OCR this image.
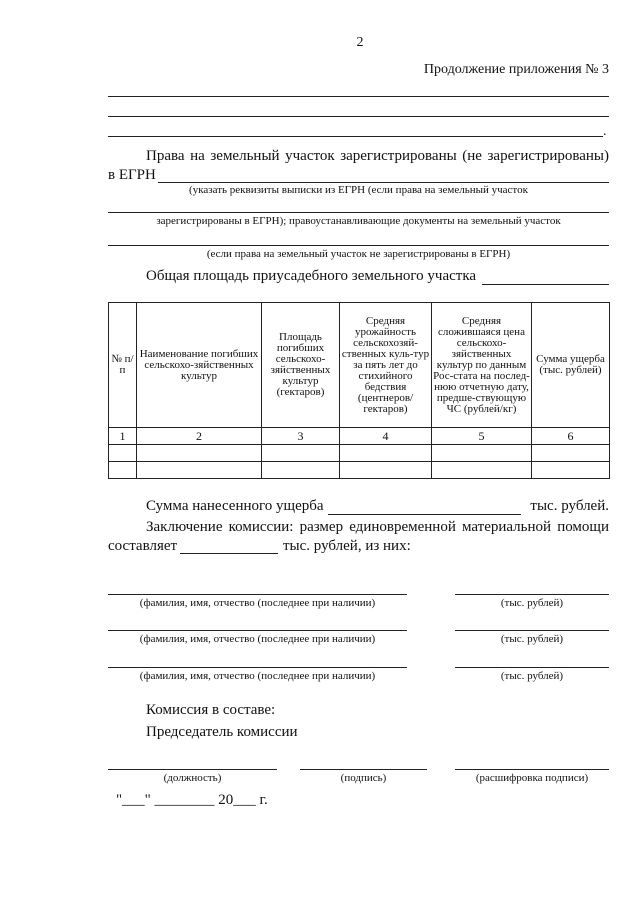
2
Продолжение приложения № 3
.
Права на земельный участок зарегистрированы (не зарегистрированы)
в ЕГРН
(указать реквизиты выписки из ЕГРН (если права на земельный участок
зарегистрированы в ЕГРН); правоустанавливающие документы на земельный участок
(если права на земельный участок не зарегистрированы в ЕГРН)
Общая площадь приусадебного земельного участка
№ п/п	Наименование погибших сельскохо-зяйственных культур	Площадь погибших сельскохо-зяйственных культур (гектаров)	Средняя урожайность сельскохозяй-ственных куль-тур за пять лет до стихийного бедствия (центнеров/ гектаров)	Средняя сложившаяся цена сельскохо-зяйственных культур по данным Рос-стата на послед-нюю отчетную дату, предше-ствующую ЧС (рублей/кг)	Сумма ущерба (тыс. рублей)
1	2	3	4	5	6

Сумма нанесенного ущерба	тыс. рублей.
Заключение комиссии: размер единовременной материальной помощи
составляет	тыс. рублей, из них:
(фамилия, имя, отчество (последнее при наличии)	(тыс. рублей)
(фамилия, имя, отчество (последнее при наличии)	(тыс. рублей)
(фамилия, имя, отчество (последнее при наличии)	(тыс. рублей)
Комиссия в составе:
Председатель комиссии
(должность)	(подпись)	(расшифровка подписи)
"___" ________ 20___ г.
